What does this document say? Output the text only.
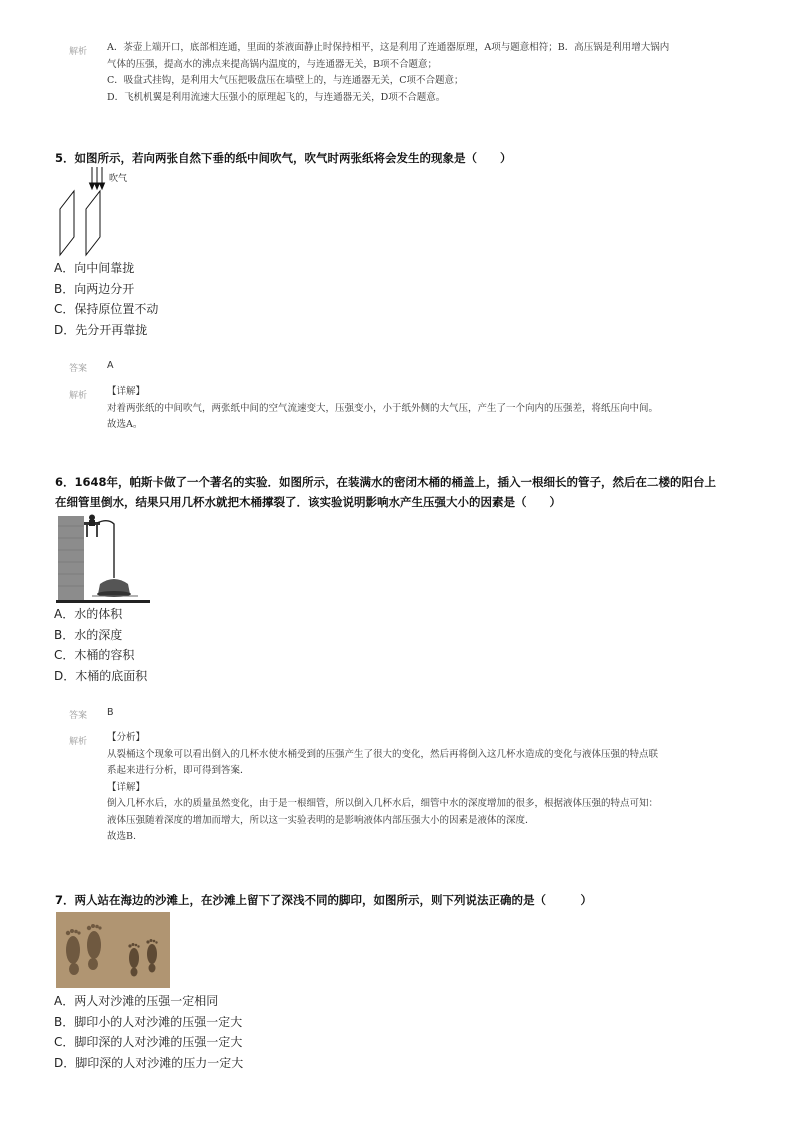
解析 A．茶壶上端开口，底部相连通，里面的茶液面静止时保持相平，这是利用了连通器原理，A项与题意相符；B．高压锅是利用增大锅内
气体的压强，提高水的沸点来提高锅内温度的，与连通器无关，B项不合题意；
C．吸盘式挂钩，是利用大气压把吸盘压在墙壁上的，与连通器无关，C项不合题意；
D．飞机机翼是利用流速大压强小的原理起飞的，与连通器无关，D项不合题意。
5．如图所示，若向两张自然下垂的纸中间吹气，吹气时两张纸将会发生的现象是（　　）
吹气
A．向中间靠拢
B．向两边分开
C．保持原位置不动
D．先分开再靠拢
答案 A
解析 【详解】
对着两张纸的中间吹气，两张纸中间的空气流速变大，压强变小，小于纸外侧的大气压，产生了一个向内的压强差，将纸压向中间。
故选A。
6．1648年，帕斯卡做了一个著名的实验．如图所示，在装满水的密闭木桶的桶盖上，插入一根细长的管子，然后在二楼的阳台上
在细管里倒水，结果只用几杯水就把木桶撑裂了．该实验说明影响水产生压强大小的因素是（　　）
A．水的体积
B．水的深度
C．木桶的容积
D．木桶的底面积
答案 B
解析 【分析】
从裂桶这个现象可以看出倒入的几杯水使水桶受到的压强产生了很大的变化，然后再将倒入这几杯水造成的变化与液体压强的特点联
系起来进行分析，即可得到答案．
【详解】
倒入几杯水后，水的质量虽然变化，由于是一根细管，所以倒入几杯水后，细管中水的深度增加的很多，根据液体压强的特点可知：
液体压强随着深度的增加而增大，所以这一实验表明的是影响液体内部压强大小的因素是液体的深度．
故选B.
7．两人站在海边的沙滩上，在沙滩上留下了深浅不同的脚印，如图所示，则下列说法正确的是（　　　）
A．两人对沙滩的压强一定相同
B．脚印小的人对沙滩的压强一定大
C．脚印深的人对沙滩的压强一定大
D．脚印深的人对沙滩的压力一定大
